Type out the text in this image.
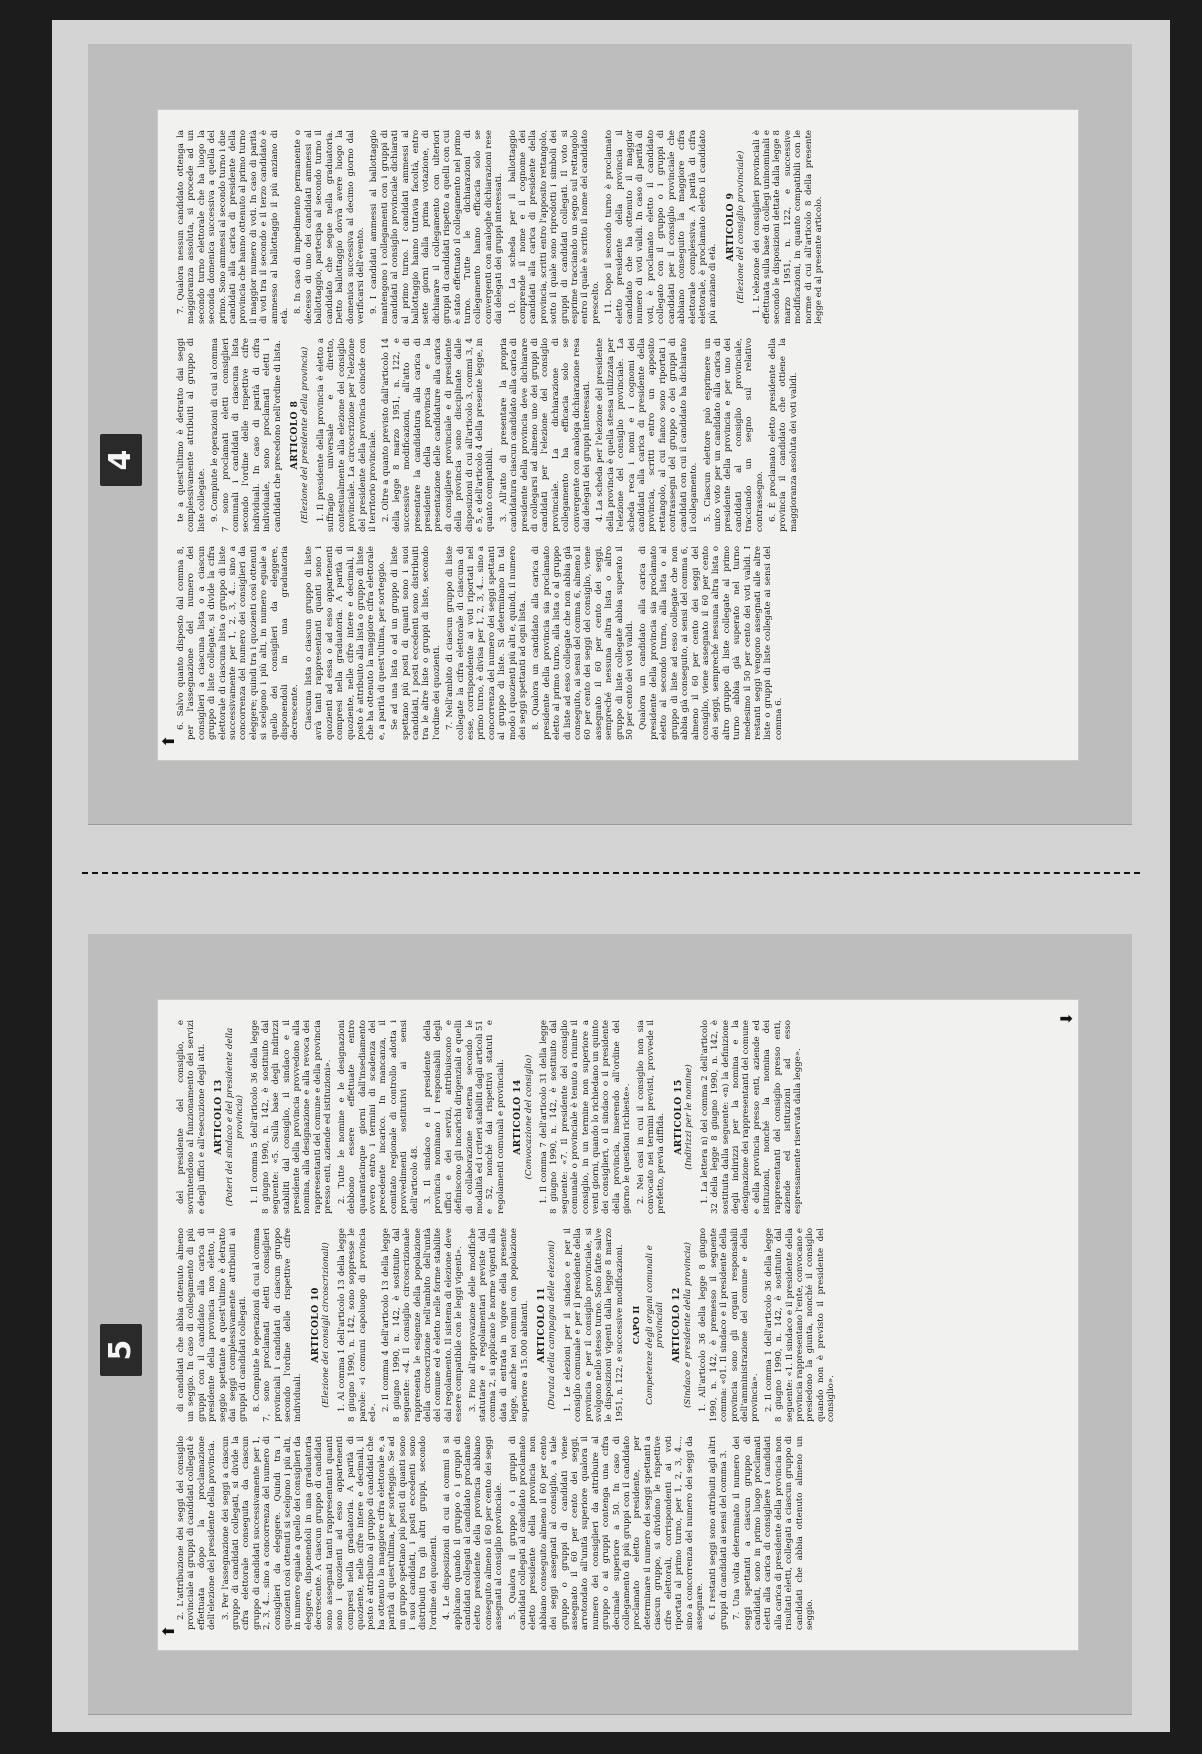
4
⬆

6. Salvo quanto disposto dal comma 8, per l'assegnazione del numero dei consiglieri a ciascuna lista o a ciascun gruppo di liste collegate, si divide la cifra elettorale di ciascuna lista o gruppo di liste successivamente per 1, 2, 3, 4... sino a concorrenza del numero dei consiglieri da eleggere; quindi tra i quozienti così ottenuti si scelgono i più alti, in numero eguale a quello dei consiglieri da eleggere, disponendoli in una graduatoria decrescente. Ciascuna lista o ciascun gruppo di liste avrà tanti rappresentanti quanti sono i quozienti ad essa o ad esso appartenenti compresi nella graduatoria. A parità di quoziente, nelle cifre intere e decimali, il posto è attribuito alla lista o gruppo di liste che ha ottenuto la maggiore cifra elettorale e, a parità di quest'ultima, per sorteggio. Se ad una lista o ad un gruppo di liste spettano più posti di quanti sono i suoi candidati, i posti eccedenti sono distribuiti tra le altre liste o gruppi di liste, secondo l'ordine dei quozienti. 7. Nell'ambito di ciascun gruppo di liste collegate la cifra elettorale di ciascuna di esse, corrispondente ai voti riportati nel primo turno, è divisa per 1, 2, 3, 4... sino a concorrenza del numero dei seggi spettanti al gruppo di liste. Si determinano in tal modo i quozienti più alti e, quindi, il numero dei seggi spettanti ad ogni lista. 8. Qualora un candidato alla carica di presidente della provincia sia proclamato eletto al primo turno, alla lista o al gruppo di liste ad esso collegate che non abbia già conseguito, ai sensi del comma 6, almeno il 60 per cento dei seggi del consiglio, viene assegnato il 60 per cento dei seggi, sempreché nessuna altra lista o altro gruppo di liste collegate abbia superato il 50 per cento dei voti validi. Qualora un candidato alla carica di presidente della provincia sia proclamato eletto al secondo turno, alla lista o al gruppo di liste ad esso collegate che non abbia già conseguito, ai sensi del comma 6, almeno il 60 per cento dei seggi del consiglio, viene assegnato il 60 per cento dei seggi, sempreché nessuna altra lista o altro gruppo di liste collegate al primo turno abbia già superato nel turno medesimo il 50 per cento dei voti validi. I restanti seggi vengono assegnati alle altre liste o gruppi di liste collegate ai sensi del comma 6.

te a quest'ultimo è detratto dai seggi complessivamente attribuiti al gruppo di liste collegate. 9. Compiute le operazioni di cui al comma 7 sono proclamati eletti consiglieri comunali i candidati di ciascuna lista secondo l'ordine delle rispettive cifre individuali. In caso di parità di cifra individuale, sono proclamati eletti i candidati che precedono nell'ordine di lista. ARTICOLO 8 (Elezione del presidente della provincia) 1. Il presidente della provincia è eletto a suffragio universale e diretto, contestualmente alla elezione del consiglio provinciale. La circoscrizione per l'elezione del presidente della provincia coincide con il territorio provinciale. 2. Oltre a quanto previsto dall'articolo 14 della legge 8 marzo 1951, n. 122, e successive modificazioni, all'atto di presentare la candidatura alla carica di presidente della provincia e la presentazione delle candidature alla carica di consigliere provinciale e di presidente della provincia sono disciplinate dalle disposizioni di cui all'articolo 3, commi 3, 4 e 5, e dell'articolo 4 della presente legge, in quanto compatibili. 3. All'atto di presentare la propria candidatura ciascun candidato alla carica di presidente della provincia deve dichiarare di collegarsi ad almeno uno dei gruppi di candidati per l'elezione del consiglio provinciale. La dichiarazione di collegamento ha efficacia solo se convergente con analoga dichiarazione resa dai delegati dei gruppi interessati. 4. La scheda per l'elezione del presidente della provincia è quella stessa utilizzata per l'elezione del consiglio provinciale. La scheda reca i nomi e i cognomi dei candidati alla carica di presidente della provincia, scritti entro un apposito rettangolo, al cui fianco sono riportati i contrassegni del gruppo o dei gruppi di candidati con cui il candidato ha dichiarato il collegamento. 5. Ciascun elettore può esprimere un unico voto per un candidato alla carica di presidente della provincia e per uno dei candidati al consiglio provinciale, tracciando un segno sul relativo contrassegno. 6. È proclamato eletto presidente della provincia il candidato che ottiene la maggioranza assoluta dei voti validi.

7. Qualora nessun candidato ottenga la maggioranza assoluta, si procede ad un secondo turno elettorale che ha luogo la seconda domenica successiva a quella del primo. Sono ammessi al secondo turno i due candidati alla carica di presidente della provincia che hanno ottenuto al primo turno il maggior numero di voti. In caso di parità di voti tra il secondo e il terzo candidato è ammesso al ballottaggio il più anziano di età.

8. In caso di impedimento permanente o decesso di uno dei candidati ammessi al ballottaggio, partecipa al secondo turno il candidato che segue nella graduatoria. Detto ballottaggio dovrà avere luogo la domenica successiva al decimo giorno dal verificarsi dell'evento. 9. I candidati ammessi al ballottaggio mantengono i collegamenti con i gruppi di candidati al consiglio provinciale dichiarati al primo turno. I candidati ammessi al ballottaggio hanno tuttavia facoltà, entro sette giorni dalla prima votazione, di dichiarare il collegamento con ulteriori gruppi di candidati rispetto a quelli con cui è stato effettuato il collegamento nel primo turno. Tutte le dichiarazioni di collegamento hanno efficacia solo se convergenti con analoghe dichiarazioni rese dai delegati dei gruppi interessati. 10. La scheda per il ballottaggio comprende il nome e il cognome dei candidati alla carica di presidente della provincia, scritti entro l'apposito rettangolo, sotto il quale sono riprodotti i simboli dei gruppi di candidati collegati. Il voto si esprime tracciando un segno sul rettangolo entro il quale è scritto il nome del candidato prescelto. 11. Dopo il secondo turno è proclamato eletto presidente della provincia il candidato che ha ottenuto il maggior numero di voti validi. In caso di parità di voti, è proclamato eletto il candidato collegato con il gruppo o i gruppi di candidati per il consiglio provinciale che abbiano conseguito la maggiore cifra elettorale complessiva. A parità di cifra elettorale, è proclamato eletto il candidato più anziano di età.

ARTICOLO 9 (Elezione del consiglio provinciale) 1. L'elezione dei consiglieri provinciali è effettuata sulla base di collegi uninominali e secondo le disposizioni dettate dalla legge 8 marzo 1951, n. 122, e successive modificazioni, in quanto compatibili con le norme di cui all'articolo 8 della presente legge ed al presente articolo.

5
⬆
⬇

2. L'attribuzione dei seggi del consiglio provinciale ai gruppi di candidati collegati è effettuata dopo la proclamazione dell'elezione del presidente della provincia. 3. Per l'assegnazione dei seggi a ciascun gruppo di candidati collegati, si divide la cifra elettorale conseguita da ciascun gruppo di candidati successivamente per 1, 2, 3, 4... sino a concorrenza del numero di consiglieri da eleggere. Quindi tra i quozienti così ottenuti si scelgono i più alti, in numero eguale a quello dei consiglieri da eleggere, disponendoli in una graduatoria decrescente. A ciascun gruppo di candidati sono assegnati tanti rappresentanti quanti sono i quozienti ad esso appartenenti compresi nella graduatoria. A parità di quoziente, nelle cifre intere e decimali, il posto è attribuito al gruppo di candidati che ha ottenuto la maggiore cifra elettorale e, a parità di quest'ultima, per sorteggio. Se ad un gruppo spettano più posti di quanti sono i suoi candidati, i posti eccedenti sono distribuiti tra gli altri gruppi, secondo l'ordine dei quozienti. 4. Le disposizioni di cui ai commi 8 si applicano quando il gruppo o i gruppi di candidati collegati al candidato proclamato eletto presidente della provincia abbiano conseguito almeno il 60 per cento dei seggi assegnati al consiglio provinciale. 5. Qualora il gruppo o i gruppi di candidati collegati al candidato proclamato eletto presidente della provincia non abbiano conseguito almeno il 60 per cento dei seggi assegnati al consiglio, a tale gruppo o gruppi di candidati viene assegnato il 60 per cento dei seggi, arrotondato all'unità superiore qualora il numero dei consiglieri da attribuire al gruppo o ai gruppi contenga una cifra decimale superiore a 50. In caso di collegamento di più gruppi con il candidato proclamato eletto presidente, per determinare il numero dei seggi spettanti a ciascun gruppo, si dividono le rispettive cifre elettorali, corrispondenti ai voti riportati al primo turno, per 1, 2, 3, 4..., sino a concorrenza del numero dei seggi da assegnare. 6. I restanti seggi sono attribuiti agli altri gruppi di candidati ai sensi del comma 3. 7. Una volta determinato il numero dei seggi spettanti a ciascun gruppo di candidati, sono in primo luogo proclamati eletti alla carica di consigliere i candidati alla carica di presidente della provincia non risultati eletti, collegati a ciascun gruppo di candidati che abbia ottenuto almeno un seggio.

di candidati che abbia ottenuto almeno un seggio. In caso di collegamento di più gruppi con il candidato alla carica di presidente della provincia non eletto, il seggio spettante a quest'ultimo è detratto dai seggi complessivamente attribuiti ai gruppi di candidati collegati. 8. Compiute le operazioni di cui al comma 7, sono proclamati eletti consiglieri provinciali i candidati di ciascun gruppo secondo l'ordine delle rispettive cifre individuali.

ARTICOLO 10 (Elezione dei consigli circoscrizionali) 1. Al comma 1 dell'articolo 13 della legge 8 giugno 1990, n. 142, sono soppresse le parole: «i comuni capoluogo di provincia ed».

2. Il comma 4 dell'articolo 13 della legge 8 giugno 1990, n. 142, è sostituito dal seguente: «4. Il consiglio circoscrizionale rappresenta le esigenze della popolazione della circoscrizione nell'ambito dell'unità del comune ed è eletto nelle forme stabilite dal regolamento. Il sistema di elezione deve essere compatibile con le leggi vigenti». 3. Fino all'approvazione delle modifiche statutarie e regolamentari previste dal comma 2, si applicano le norme vigenti alla data di entrata in vigore della presente legge, anche nei comuni con popolazione superiore a 15.000 abitanti. ARTICOLO 11 (Durata della campagna delle elezioni) 1. Le elezioni per il sindaco e per il consiglio comunale e per il presidente della provincia e per il consiglio provinciale, si svolgono nello stesso turno. Sono fatte salve le disposizioni vigenti dalla legge 8 marzo 1951, n. 122, e successive modificazioni. CAPO II Competenze degli organi comunali e provinciali ARTICOLO 12 (Sindaco e presidente della provincia) 1. All'articolo 36 della legge 8 giugno 1990, n. 142, è premesso il seguente comma: «01. Il sindaco e il presidente della provincia sono gli organi responsabili dell'amministrazione del comune e della provincia». 2. Il comma 1 dell'articolo 36 della legge 8 giugno 1990, n. 142, è sostituito dal seguente: «1. Il sindaco e il presidente della provincia rappresentano l'ente, convocano e presiedono la giunta, nonché il consiglio quando non è previsto il presidente del consiglio».

del presidente del consiglio, e sovrintendono al funzionamento dei servizi e degli uffici e all'esecuzione degli atti. ARTICOLO 13 (Poteri del sindaco e del presidente della provincia) 1. Il comma 5 dell'articolo 36 della legge 8 giugno 1990, n. 142, è sostituito dal seguente: «5. Sulla base degli indirizzi stabiliti dal consiglio, il sindaco e il presidente della provincia provvedono alla nomina, alla designazione e alla revoca dei rappresentanti del comune e della provincia presso enti, aziende ed istituzioni». 2. Tutte le nomine e le designazioni debbono essere effettuate entro quarantacinque giorni dall'insediamento ovvero entro i termini di scadenza del precedente incarico. In mancanza, il comitato regionale di controllo adotta i provvedimenti sostitutivi ai sensi dell'articolo 48. 3. Il sindaco e il presidente della provincia nominano i responsabili degli uffici e dei servizi, attribuiscono e definiscono gli incarichi dirigenziali e quelli di collaborazione esterna secondo le modalità ed i criteri stabiliti dagli articoli 51 e 52, nonché dai rispettivi statuti e regolamenti comunali e provinciali. ARTICOLO 14 (Convocazione del consiglio) 1. Il comma 7 dell'articolo 31 della legge 8 giugno 1990, n. 142, è sostituito dal seguente: «7. Il presidente del consiglio comunale o provinciale è tenuto a riunire il consiglio, in un termine non superiore a venti giorni, quando lo richiedano un quinto dei consiglieri, o il sindaco o il presidente della provincia, inserendo all'ordine del giorno le questioni richieste». 2. Nei casi in cui il consiglio non sia convocato nei termini previsti, provvede il prefetto, previa diffida. ARTICOLO 15 (Indirizzi per le nomine) 1. La lettera n) del comma 2 dell'articolo 32 della legge 8 giugno 1990, n. 142, è sostituita dalla seguente: «n) la definizione degli indirizzi per la nomina e la designazione dei rappresentanti del comune e della provincia presso enti, aziende ed istituzioni, nonché la nomina dei rappresentanti del consiglio presso enti, aziende ed istituzioni ad esso espressamente riservata dalla legge».
